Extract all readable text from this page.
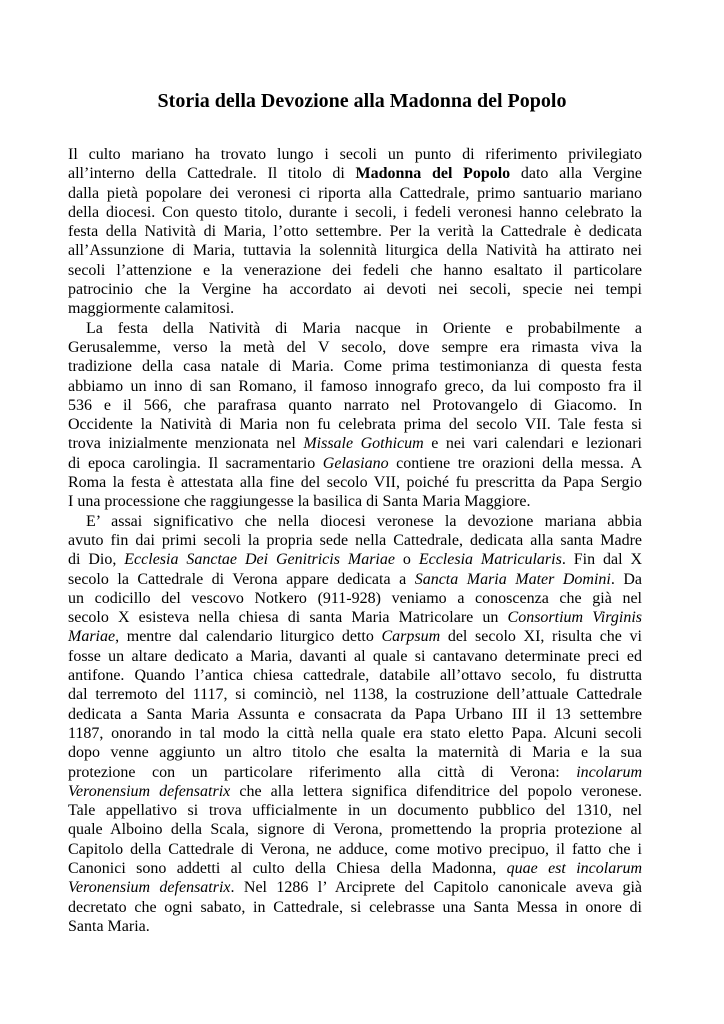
Storia della Devozione alla Madonna del Popolo
Il culto mariano ha trovato lungo i secoli un punto di riferimento privilegiato
all’interno della Cattedrale. Il titolo di Madonna del Popolo dato alla Vergine
dalla pietà popolare dei veronesi ci riporta alla Cattedrale, primo santuario mariano
della diocesi. Con questo titolo, durante i secoli, i fedeli veronesi hanno celebrato la
festa della Natività di Maria, l’otto settembre. Per la verità la Cattedrale è dedicata
all’Assunzione di Maria, tuttavia la solennità liturgica della Natività ha attirato nei
secoli l’attenzione e la venerazione dei fedeli che hanno esaltato il particolare
patrocinio che la Vergine ha accordato ai devoti nei secoli, specie nei tempi
maggiormente calamitosi.
La festa della Natività di Maria nacque in Oriente e probabilmente a
Gerusalemme, verso la metà del V secolo, dove sempre era rimasta viva la
tradizione della casa natale di Maria. Come prima testimonianza di questa festa
abbiamo un inno di san Romano, il famoso innografo greco, da lui composto fra il
536 e il 566, che parafrasa quanto narrato nel Protovangelo di Giacomo. In
Occidente la Natività di Maria non fu celebrata prima del secolo VII. Tale festa si
trova inizialmente menzionata nel Missale Gothicum e nei vari calendari e lezionari
di epoca carolingia. Il sacramentario Gelasiano contiene tre orazioni della messa. A
Roma la festa è attestata alla fine del secolo VII, poiché fu prescritta da Papa Sergio
I una processione che raggiungesse la basilica di Santa Maria Maggiore.
E’ assai significativo che nella diocesi veronese la devozione mariana abbia
avuto fin dai primi secoli la propria sede nella Cattedrale, dedicata alla santa Madre
di Dio, Ecclesia Sanctae Dei Genitricis Mariae o Ecclesia Matricularis. Fin dal X
secolo la Cattedrale di Verona appare dedicata a Sancta Maria Mater Domini. Da
un codicillo del vescovo Notkero (911-928) veniamo a conoscenza che già nel
secolo X esisteva nella chiesa di santa Maria Matricolare un Consortium Virginis
Mariae, mentre dal calendario liturgico detto Carpsum del secolo XI, risulta che vi
fosse un altare dedicato a Maria, davanti al quale si cantavano determinate preci ed
antifone. Quando l’antica chiesa cattedrale, databile all’ottavo secolo, fu distrutta
dal terremoto del 1117, si cominciò, nel 1138, la costruzione dell’attuale Cattedrale
dedicata a Santa Maria Assunta e consacrata da Papa Urbano III il 13 settembre
1187, onorando in tal modo la città nella quale era stato eletto Papa. Alcuni secoli
dopo venne aggiunto un altro titolo che esalta la maternità di Maria e la sua
protezione con un particolare riferimento alla città di Verona: incolarum
Veronensium defensatrix che alla lettera significa difenditrice del popolo veronese.
Tale appellativo si trova ufficialmente in un documento pubblico del 1310, nel
quale Alboino della Scala, signore di Verona, promettendo la propria protezione al
Capitolo della Cattedrale di Verona, ne adduce, come motivo precipuo, il fatto che i
Canonici sono addetti al culto della Chiesa della Madonna, quae est incolarum
Veronensium defensatrix. Nel 1286 l’ Arciprete del Capitolo canonicale aveva già
decretato che ogni sabato, in Cattedrale, si celebrasse una Santa Messa in onore di
Santa Maria.
